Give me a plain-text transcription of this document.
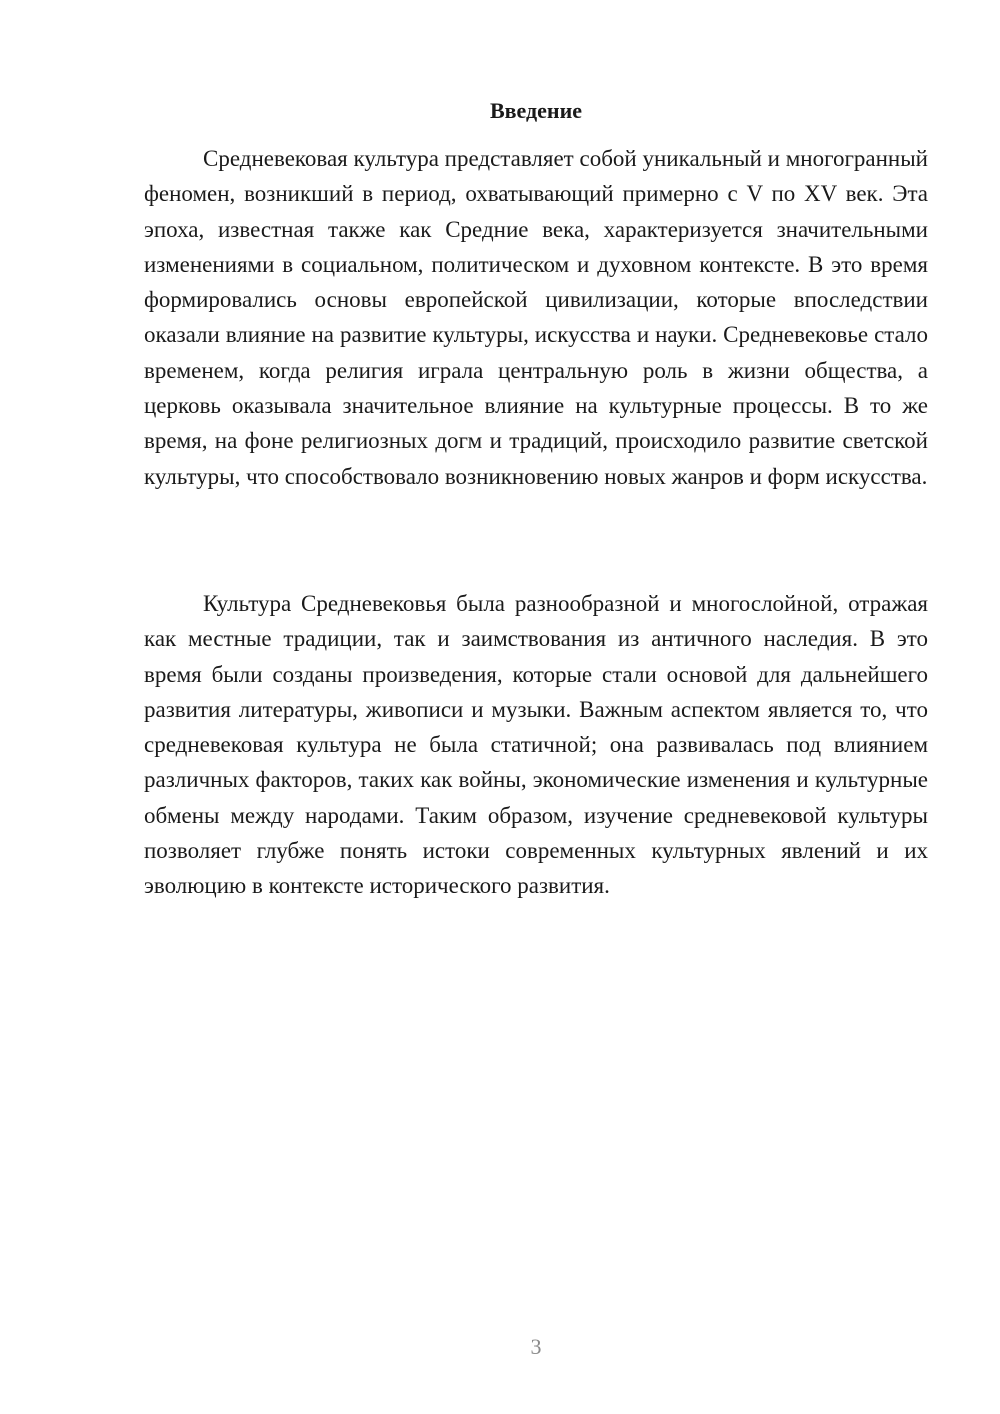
Введение

Средневековая культура представляет собой уникальный и многогранный феномен, возникший в период, охватывающий примерно с V по XV век. Эта эпоха, известная также как Средние века, характеризуется значительными изменениями в социальном, политическом и духовном контексте. В это время формировались основы европейской цивилизации, которые впоследствии оказали влияние на развитие культуры, искусства и науки. Средневековье стало временем, когда религия играла центральную роль в жизни общества, а церковь оказывала значительное влияние на культурные процессы. В то же время, на фоне религиозных догм и традиций, происходило развитие светской культуры, что способствовало возникновению новых жанров и форм искусства.

Культура Средневековья была разнообразной и многослойной, отражая как местные традиции, так и заимствования из античного наследия. В это время были созданы произведения, которые стали основой для дальнейшего развития литературы, живописи и музыки. Важным аспектом является то, что средневековая культура не была статичной; она развивалась под влиянием различных факторов, таких как войны, экономические изменения и культурные обмены между народами. Таким образом, изучение средневековой культуры позволяет глубже понять истоки современных культурных явлений и их эволюцию в контексте исторического развития.

3
